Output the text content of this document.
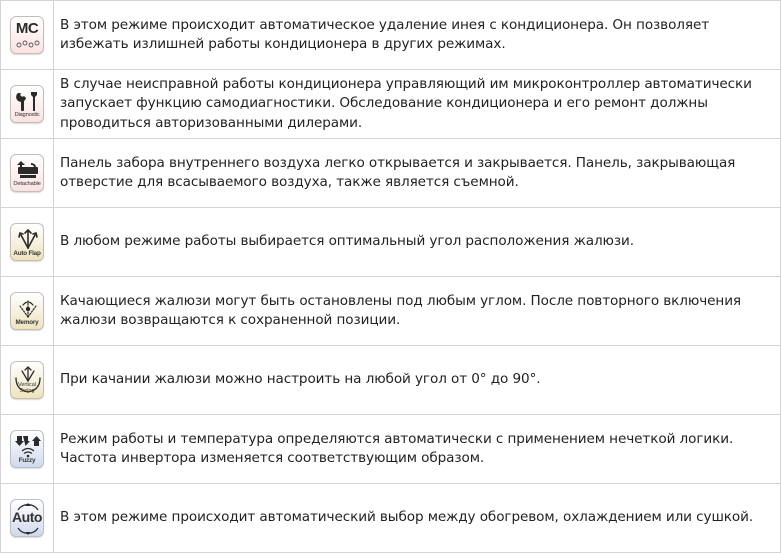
MC	В этом режиме происходит автоматическое удаление инея с кондиционера. Он позволяет избежать излишней работы кондиционера в других режимах.

Diagnostic	В случае неисправной работы кондиционера управляющий им микроконтроллер автоматически запускает функцию самодиагностики. Обследование кондиционера и его ремонт должны проводиться авторизованными дилерами.

Detachable	Панель забора внутреннего воздуха легко открывается и закрывается. Панель, закрывающая отверстие для всасываемого воздуха, также является съемной.

Auto Flap	В любом режиме работы выбирается оптимальный угол расположения жалюзи.

Memory	Качающиеся жалюзи могут быть остановлены под любым углом. После повторного включения жалюзи возвращаются к сохраненной позиции.

Vertical
Swing	При качании жалюзи можно настроить на любой угол от 0° до 90°.

Fuzzy	Режим работы и температура определяются автоматически с применением нечеткой логики. Частота инвертора изменяется соответствующим образом.

Auto	В этом режиме происходит автоматический выбор между обогревом, охлаждением или сушкой.
